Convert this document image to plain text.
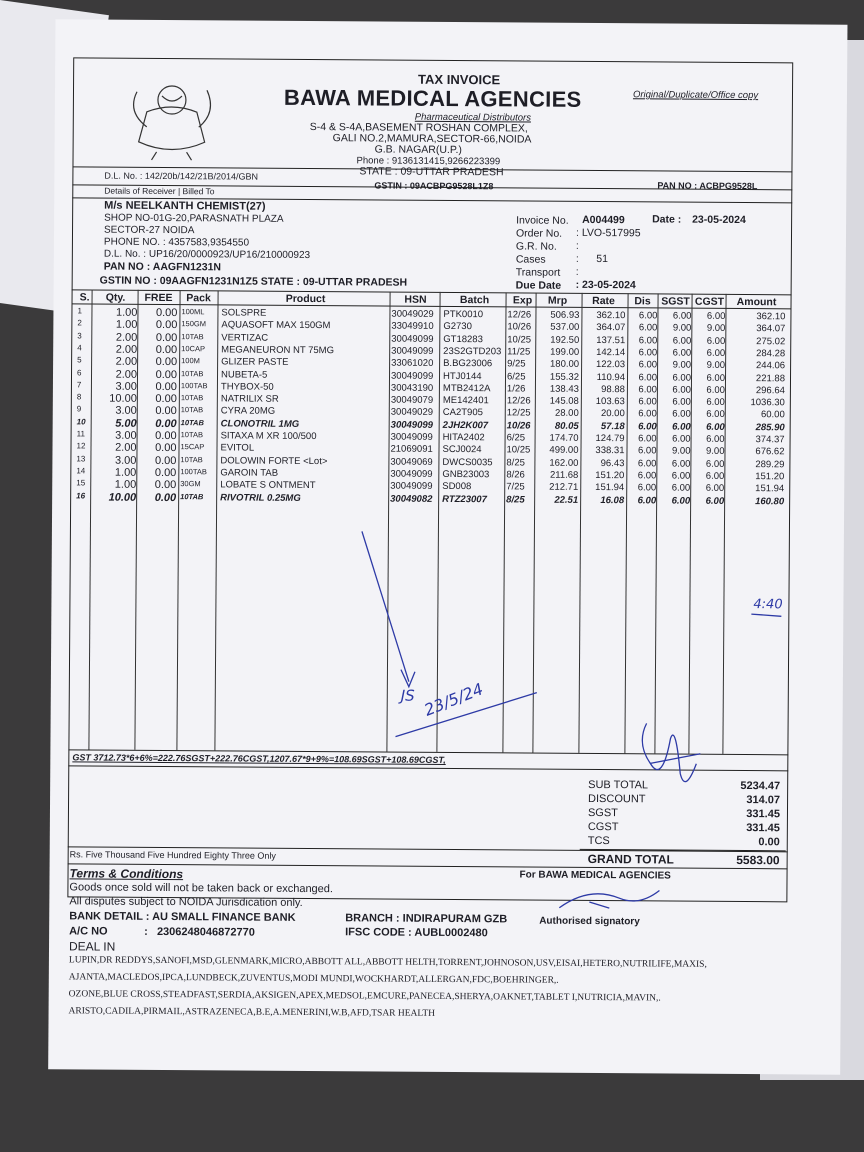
TAX INVOICE
BAWA MEDICAL AGENCIES
Pharmaceutical Distributors
Original/Duplicate/Office copy
S-4 & S-4A,BASEMENT ROSHAN COMPLEX,
GALI NO.2,MAMURA,SECTOR-66,NOIDA
G.B. NAGAR(U.P.)
Phone : 9136131415,9266223399
STATE : 09-UTTAR PRADESH
D.L. No. : 142/20b/142/21B/2014/GBN
GSTIN : 09ACBPG9528L1Z8	PAN NO : ACBPG9528L
Details of Receiver | Billed To
M/s NEELKANTH CHEMIST(27)
SHOP NO-01G-20,PARASNATH PLAZA
SECTOR-27 NOIDA
PHONE NO. : 4357583,9354550
D.L. No. : UP16/20/0000923/UP16/210000923
PAN NO : AAGFN1231N
GSTIN NO : 09AAGFN1231N1Z5 STATE : 09-UTTAR PRADESH
Invoice No. A004499	Date : 23-05-2024
Order No. : LVO-517995
G.R. No. :
Cases	:      51
Transport :
Due Date : 23-05-2024
S.	Qty.	FREE	Pack	Product	HSN	Batch	Exp	Mrp	Rate	Dis SGST CGST	Amount
1	1.00	0.00 100ML	SOLSPRE	30049029	PTK0010	12/26	506.93	362.10	6.00	6.00	6.00	362.10
2	1.00	0.00 150GM	AQUASOFT MAX 150GM	33049910	G2730	10/26	537.00	364.07	6.00	9.00	9.00	364.07
3	2.00	0.00 10TAB	VERTIZAC	30049099	GT18283	10/25	192.50	137.51	6.00	6.00	6.00	275.02
4	2.00	0.00 10CAP	MEGANEURON NT 75MG	30049099	23S2GTD203 11/25	199.00	142.14	6.00	6.00	6.00	284.28
5	2.00	0.00 100M	GLIZER PASTE	33061020	B.BG23006	9/25	180.00	122.03	6.00	9.00	9.00	244.06
6	2.00	0.00 10TAB	NUBETA-5	30049099	HTJ0144	6/25	155.32	110.94	6.00	6.00	6.00	221.88
7	3.00	0.00 100TAB	THYBOX-50	30043190	MTB2412A	1/26	138.43	98.88	6.00	6.00	6.00	296.64
8	10.00	0.00 10TAB	NATRILIX SR	30049079	ME142401	12/26	145.08	103.63	6.00	6.00	6.00	1036.30
9	3.00	0.00 10TAB	CYRA 20MG	30049029	CA2T905	12/25	28.00	20.00	6.00	6.00	6.00	60.00
10	5.00	0.00 10TAB	CLONOTRIL 1MG	30049099	2JH2K007	10/26	80.05	57.18	6.00	6.00	6.00	285.90
11	3.00	0.00 10TAB	SITAXA M XR 100/500	30049099	HITA2402	6/25	174.70	124.79	6.00	6.00	6.00	374.37
12	2.00	0.00 15CAP	EVITOL	21069091	SCJ0024	10/25	499.00	338.31	6.00	9.00	9.00	676.62
13	3.00	0.00 10TAB	DOLOWIN FORTE <Lot>	30049069	DWCS0035	8/25	162.00	96.43	6.00	6.00	6.00	289.29
14	1.00	0.00 100TAB	GAROIN TAB	30049099	GNB23003	8/26	211.68	151.20	6.00	6.00	6.00	151.20
15	1.00	0.00 30GM	LOBATE S ONTMENT	30049099	SD008	7/25	212.71	151.94	6.00	6.00	6.00	151.94
16	10.00	0.00 10TAB	RIVOTRIL 0.25MG	30049082	RTZ23007	8/25	22.51	16.08	6.00	6.00	6.00	160.80
GST 3712.73*6+6%=222.76SGST+222.76CGST,1207.67*9+9%=108.69SGST+108.69CGST,
SUB TOTAL	5234.47
DISCOUNT	314.07
SGST	331.45
CGST	331.45
TCS	0.00
Rs. Five Thousand Five Hundred Eighty Three Only	GRAND TOTAL	5583.00
Terms & Conditions
Goods once sold will not be taken back or exchanged.
All disputes subject to NOIDA Jurisdication only.
For BAWA MEDICAL AGENCIES
Authorised signatory
BANK DETAIL : AU SMALL FINANCE BANK	BRANCH : INDIRAPURAM GZB
A/C NO	:   2306248046872770	IFSC CODE : AUBL0002480
DEAL IN
LUPIN,DR REDDYS,SANOFI,MSD,GLENMARK,MICRO,ABBOTT ALL,ABBOTT HELTH,TORRENT,JOHNOSON,USV,EISAI,HETERO,NUTRILIFE,MAXIS,
AJANTA,MACLEDOS,IPCA,LUNDBECK,ZUVENTUS,MODI MUNDI,WOCKHARDT,ALLERGAN,FDC,BOEHRINGER,.
OZONE,BLUE CROSS,STEADFAST,SERDIA,AKSIGEN,APEX,MEDSOL,EMCURE,PANECEA,SHERYA,OAKNET,TABLET I,NUTRICIA,MAVIN,.
ARISTO,CADILA,PIRMAIL,ASTRAZENECA,B.E,A.MENERINI,W.B,AFD,TSAR HEALTH
4:40
23/5/24
JS
